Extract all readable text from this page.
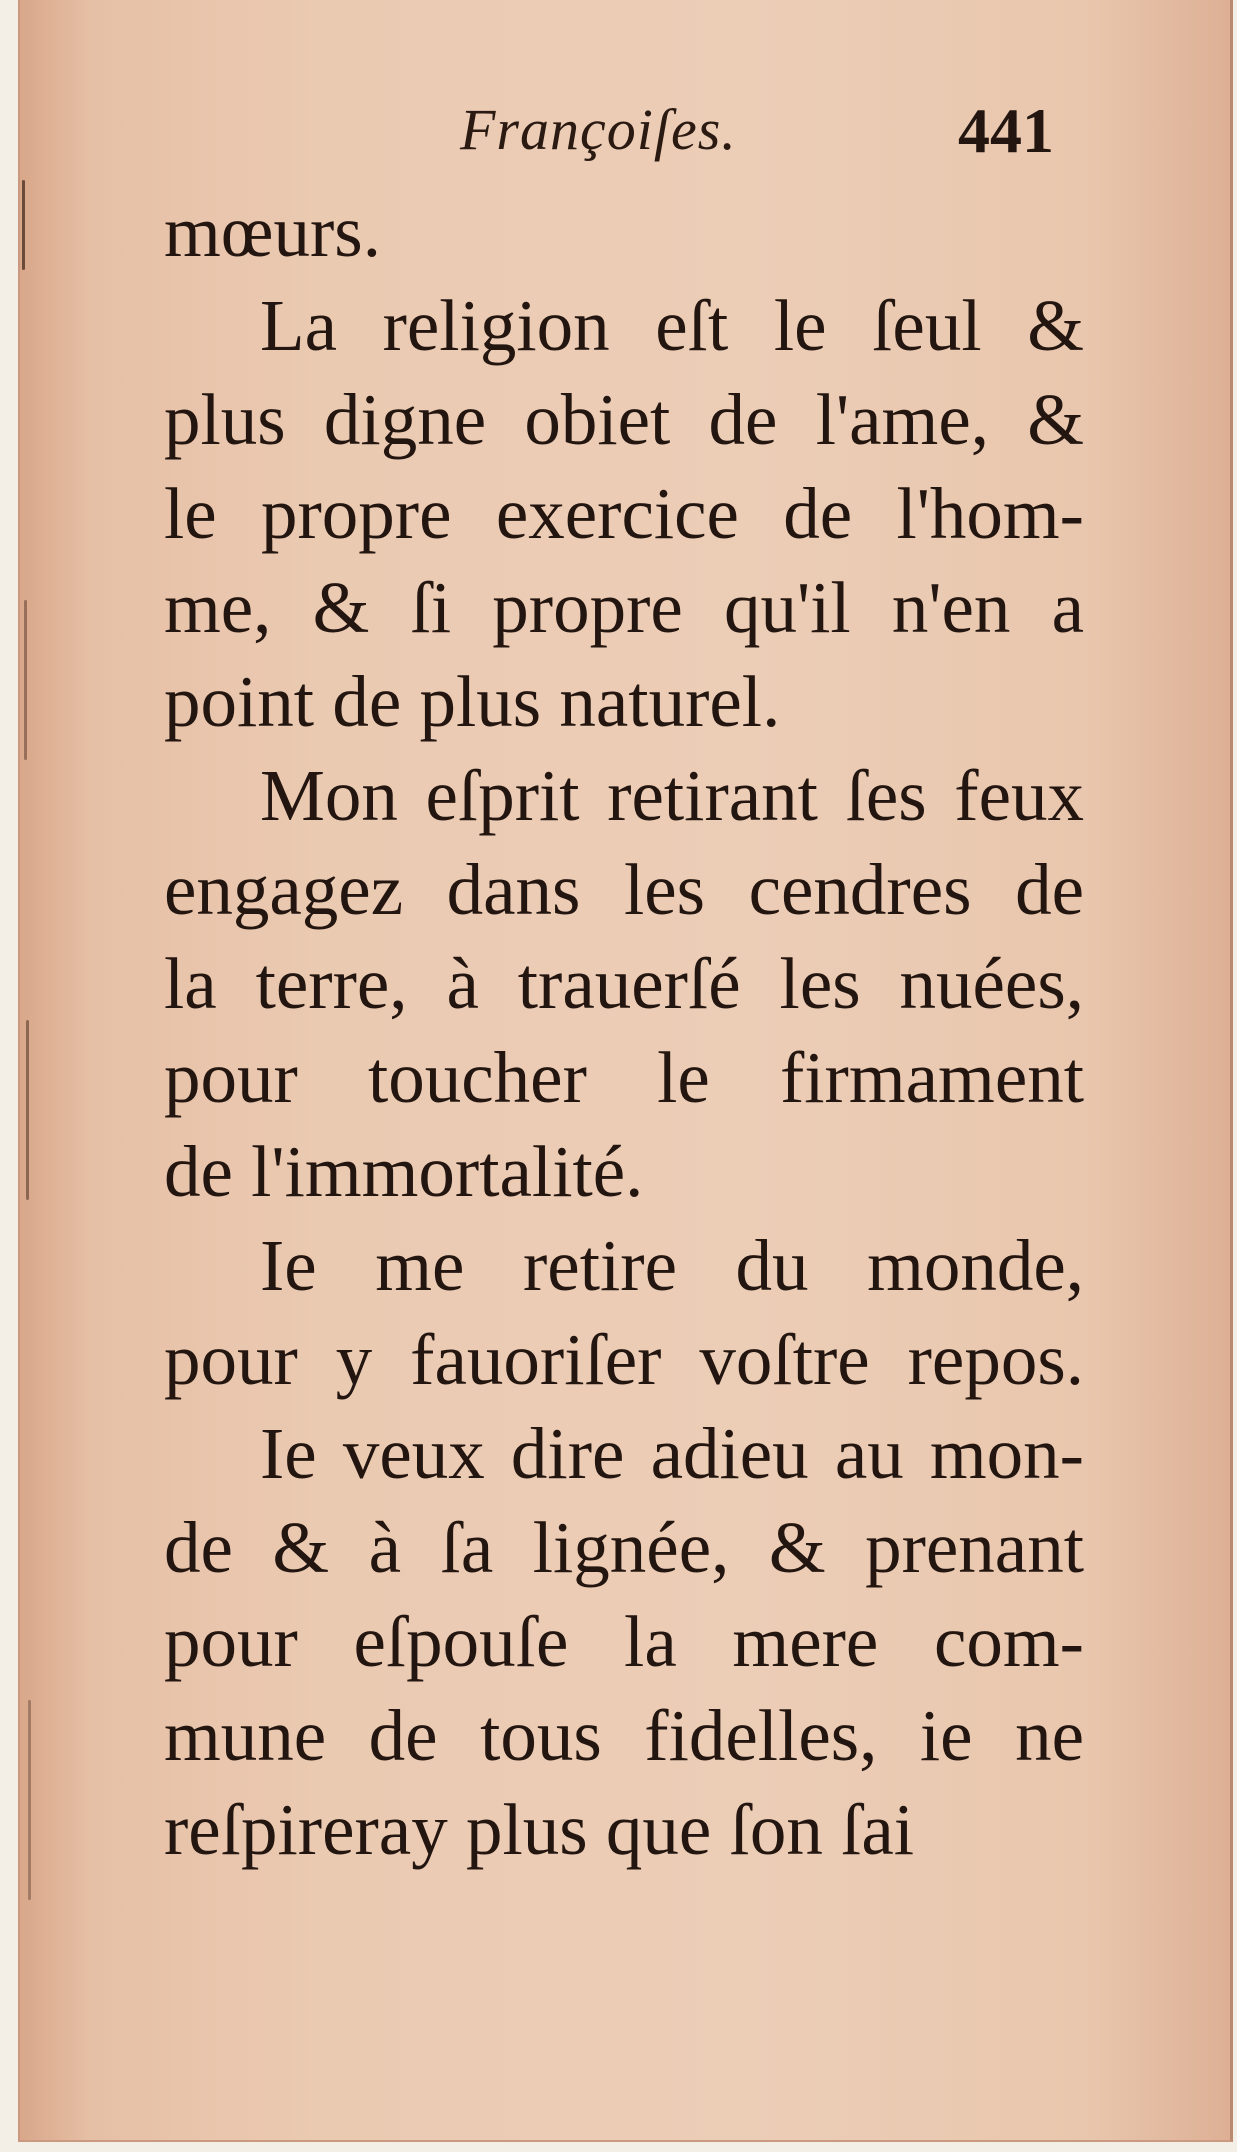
Françoiſes.	441
mœurs.
La religion eſt le ſeul &
plus digne obiet de l'ame, &
le propre exercice de l'hom-
me, & ſi propre qu'il n'en a
point de plus naturel.
Mon eſprit retirant ſes feux
engagez dans les cendres de
la terre, à trauerſé les nuées,
pour toucher le firmament
de l'immortalité.
Ie me retire du monde,
pour y fauoriſer voſtre repos.
Ie veux dire adieu au mon-
de & à ſa lignée, & prenant
pour eſpouſe la mere com-
mune de tous fidelles, ie ne
reſpireray plus que ſon ſai
